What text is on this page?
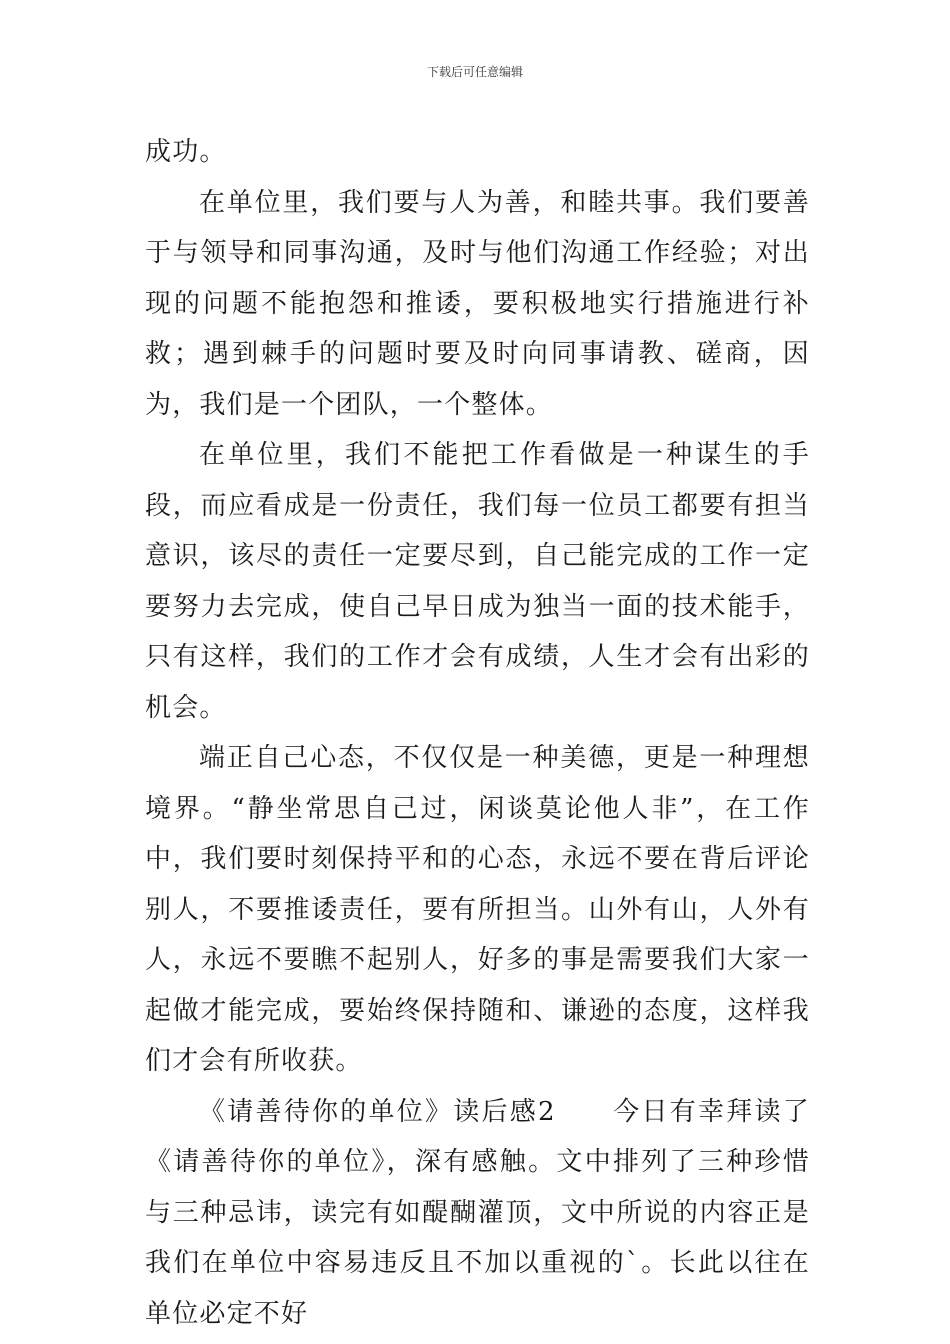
下载后可任意编辑

成功。

在单位里，我们要与人为善，和睦共事。我们要善于与领导和同事沟通，及时与他们沟通工作经验；对出现的问题不能抱怨和推诿，要积极地实行措施进行补救；遇到棘手的问题时要及时向同事请教、磋商，因为，我们是一个团队，一个整体。

在单位里，我们不能把工作看做是一种谋生的手段，而应看成是一份责任，我们每一位员工都要有担当意识，该尽的责任一定要尽到，自己能完成的工作一定要努力去完成，使自己早日成为独当一面的技术能手，只有这样，我们的工作才会有成绩，人生才会有出彩的机会。

端正自己心态，不仅仅是一种美德，更是一种理想境界。“静坐常思自己过，闲谈莫论他人非”，在工作中，我们要时刻保持平和的心态，永远不要在背后评论别人，不要推诿责任，要有所担当。山外有山，人外有人，永远不要瞧不起别人，好多的事是需要我们大家一起做才能完成，要始终保持随和、谦逊的态度，这样我们才会有所收获。

《请善待你的单位》读后感2　　今日有幸拜读了《请善待你的单位》，深有感触。文中排列了三种珍惜与三种忌讳，读完有如醍醐灌顶，文中所说的内容正是我们在单位中容易违反且不加以重视的`。长此以往在单位必定不好
